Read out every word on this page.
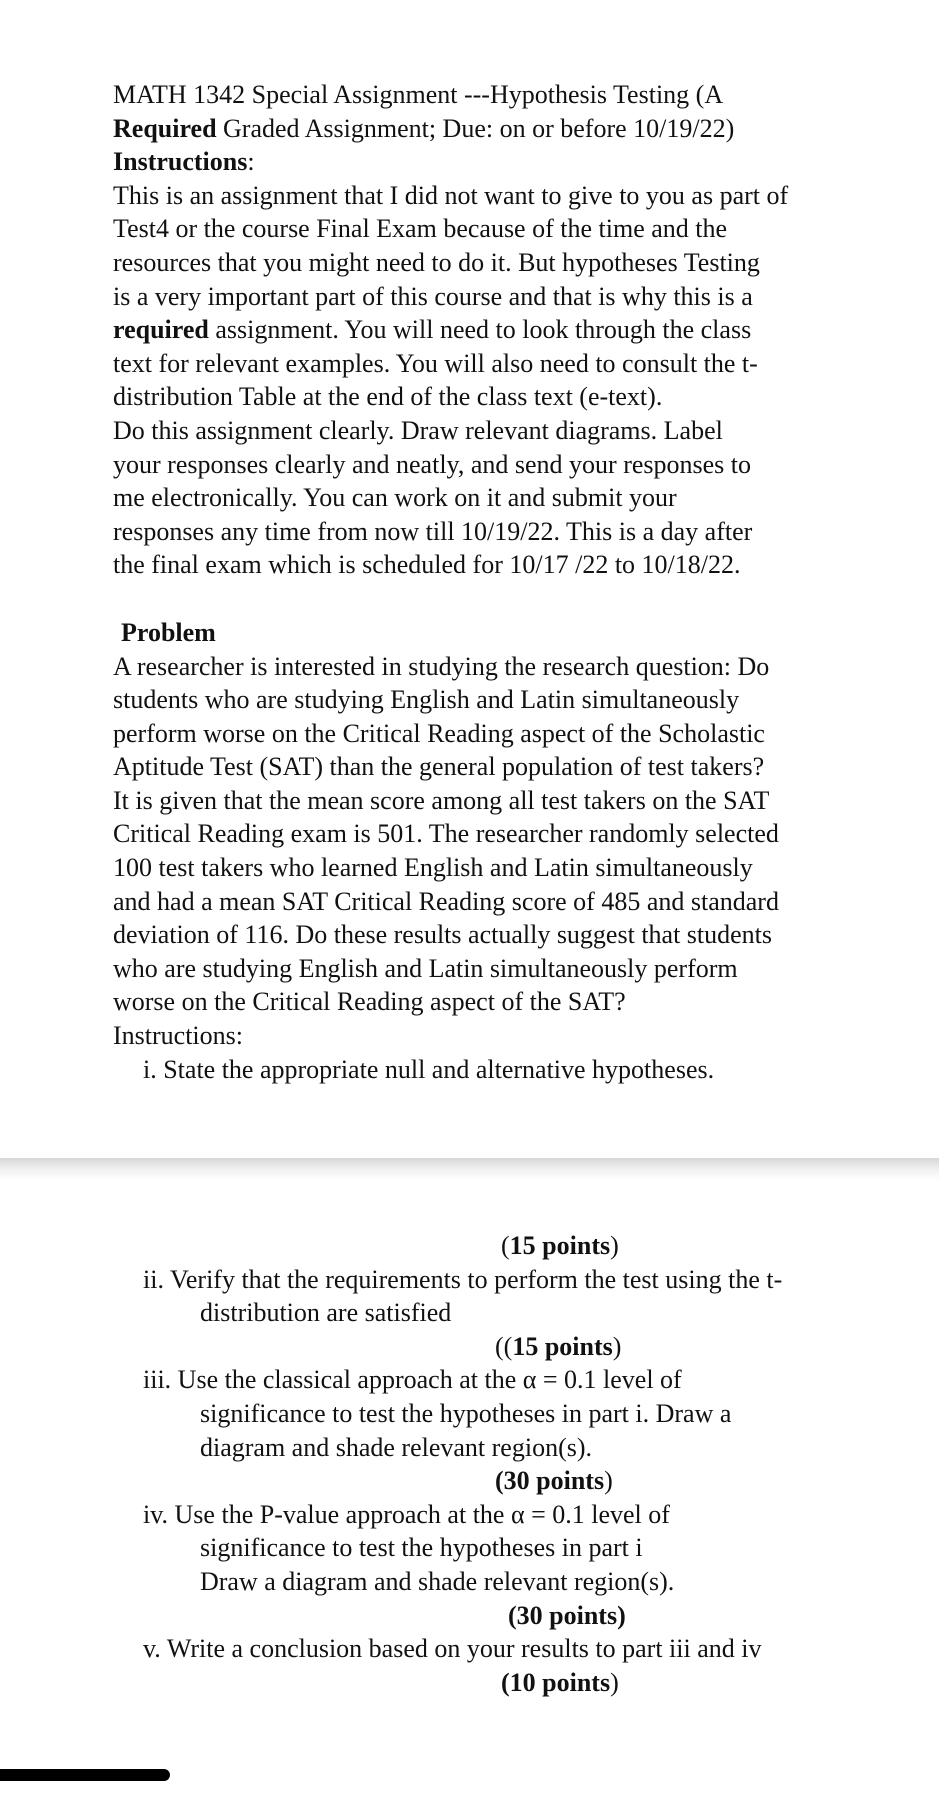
MATH 1342 Special Assignment ---Hypothesis Testing (A

Required Graded Assignment; Due: on or before 10/19/22)

Instructions:

This is an assignment that I did not want to give to you as part of

Test4 or the course Final Exam because of the time and the

resources that you might need to do it. But hypotheses Testing

is a very important part of this course and that is why this is a

required assignment. You will need to look through the class

text for relevant examples. You will also need to consult the t-

distribution Table at the end of the class text (e-text).

Do this assignment clearly. Draw relevant diagrams. Label

your responses clearly and neatly, and send your responses to

me electronically. You can work on it and submit your

responses any time from now till 10/19/22. This is a day after

the final exam which is scheduled for 10/17 /22 to 10/18/22.

Problem

A researcher is interested in studying the research question: Do

students who are studying English and Latin simultaneously

perform worse on the Critical Reading aspect of the Scholastic

Aptitude Test (SAT) than the general population of test takers?

It is given that the mean score among all test takers on the SAT

Critical Reading exam is 501. The researcher randomly selected

100 test takers who learned English and Latin simultaneously

and had a mean SAT Critical Reading score of 485 and standard

deviation of 116. Do these results actually suggest that students

who are studying English and Latin simultaneously perform

worse on the Critical Reading aspect of the SAT?

Instructions:

i. State the appropriate null and alternative hypotheses.

(15 points)

ii. Verify that the requirements to perform the test using the t-

distribution are satisfied

((15 points)

iii. Use the classical approach at the α = 0.1 level of

significance to test the hypotheses in part i. Draw a

diagram and shade relevant region(s).

(30 points)

iv. Use the P-value approach at the α = 0.1 level of

significance to test the hypotheses in part i

Draw a diagram and shade relevant region(s).

(30 points)

v. Write a conclusion based on your results to part iii and iv

(10 points)
